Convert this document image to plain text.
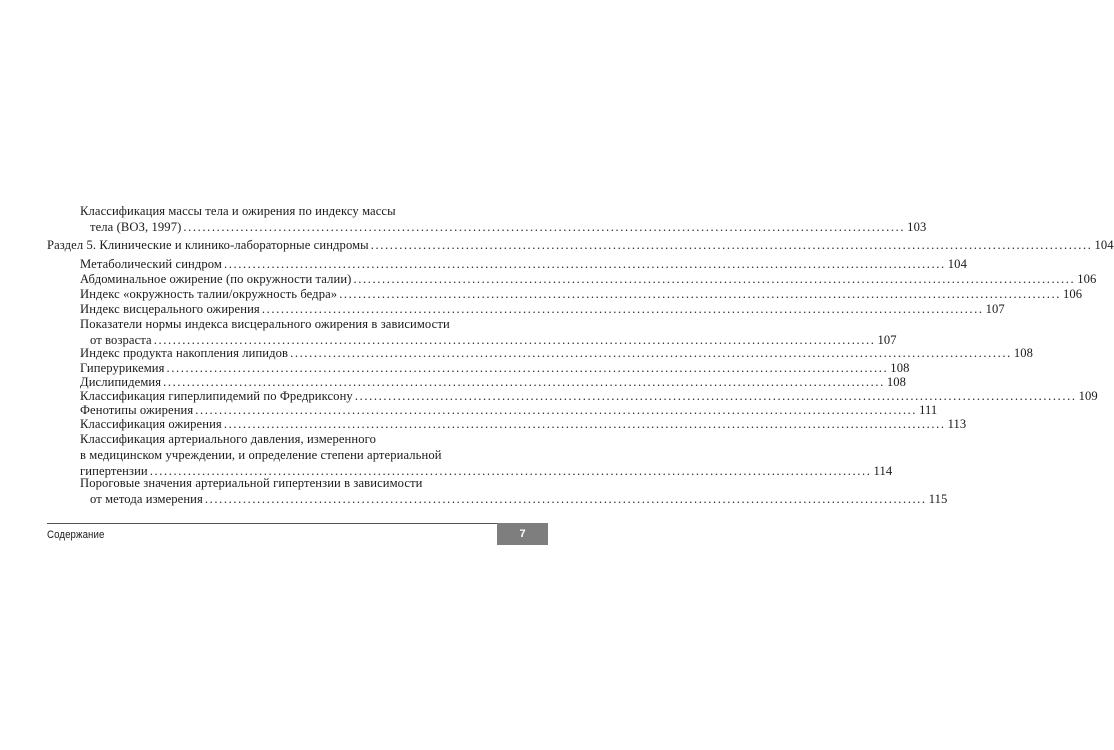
Классификация массы тела и ожирения по индексу массы
тела (ВОЗ, 1997) ........................................................................................................................................................ 103
Раздел 5. Клинические и клинико-лабораторные синдромы ........................................................................................................................................................ 104
Метаболический синдром ........................................................................................................................................................ 104
Абдоминальное ожирение (по окружности талии) ........................................................................................................................................................ 106
Индекс «окружность талии/окружность бедра» ........................................................................................................................................................ 106
Индекс висцерального ожирения ........................................................................................................................................................ 107
Показатели нормы индекса висцерального ожирения в зависимости
от возраста ........................................................................................................................................................ 107
Индекс продукта накопления липидов ........................................................................................................................................................ 108
Гиперурикемия ........................................................................................................................................................ 108
Дислипидемия ........................................................................................................................................................ 108
Классификация гиперлипидемий по Фредриксону ........................................................................................................................................................ 109
Фенотипы ожирения ........................................................................................................................................................ 111
Классификация ожирения ........................................................................................................................................................ 113
Классификация артериального давления, измеренного
в медицинском учреждении, и определение степени артериальной
гипертензии ........................................................................................................................................................ 114
Пороговые значения артериальной гипертензии в зависимости
от метода измерения ........................................................................................................................................................ 115
Содержание	7
